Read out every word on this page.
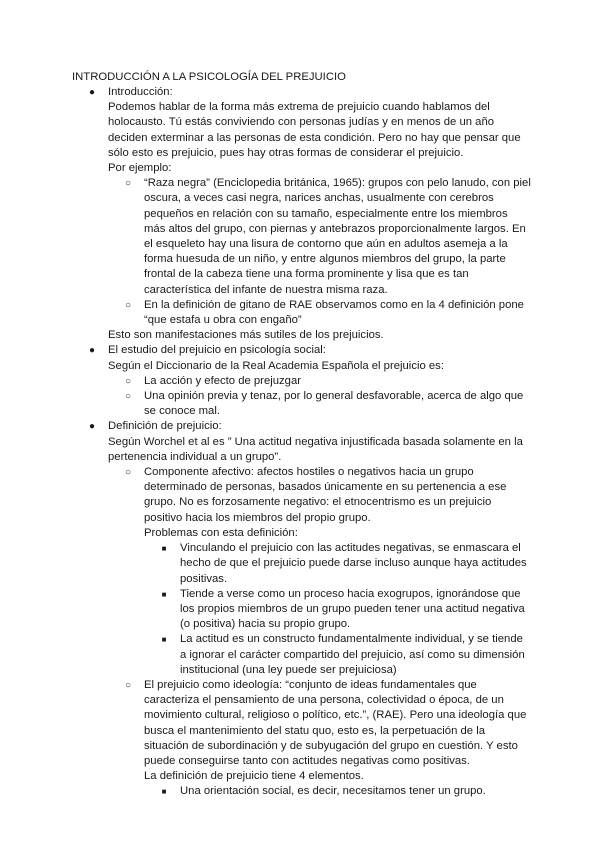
INTRODUCCIÓN A LA PSICOLOGÍA DEL PREJUICIO
●	Introducción:

Podemos hablar de la forma más extrema de prejuicio cuando hablamos del holocausto. Tú estás conviviendo con personas judías y en menos de un año deciden exterminar a las personas de esta condición. Pero no hay que pensar que sólo esto es prejuicio, pues hay otras formas de considerar el prejuicio.

Por ejemplo:
○	“Raza negra” (Enciclopedia británica, 1965): grupos con pelo lanudo, con piel oscura, a veces casi negra, narices anchas, usualmente con cerebros pequeños en relación con su tamaño, especialmente entre los miembros más altos del grupo, con piernas y antebrazos proporcionalmente largos. En el esqueleto hay una lisura de contorno que aún en adultos asemeja a la forma huesuda de un niño, y entre algunos miembros del grupo, la parte frontal de la cabeza tiene una forma prominente y lisa que es tan característica del infante de nuestra misma raza.
○	En la definición de gitano de RAE observamos como en la 4 definición pone “que estafa u obra con engaño”
Esto son manifestaciones más sutiles de los prejuicios.
●	El estudio del prejuicio en psicología social:
Según el Diccionario de la Real Academia Española el prejuicio es:
○	La acción y efecto de prejuzgar
○	Una opinión previa y tenaz, por lo general desfavorable, acerca de algo que se conoce mal.
●	Definición de prejuicio:

Según Worchel et al es ” Una actitud negativa injustificada basada solamente en la pertenencia individual a un grupo”.

○	Componente afectivo: afectos hostiles o negativos hacia un grupo determinado de personas, basados únicamente en su pertenencia a ese grupo. No es forzosamente negativo: el etnocentrismo es un prejuicio positivo hacia los miembros del propio grupo.
Problemas con esta definición:
■	Vinculando el prejuicio con las actitudes negativas, se enmascara el hecho de que el prejuicio puede darse incluso aunque haya actitudes positivas.
■	Tiende a verse como un proceso hacia exogrupos, ignorándose que los propios miembros de un grupo pueden tener una actitud negativa (o positiva) hacia su propio grupo.
■	La actitud es un constructo fundamentalmente individual, y se tiende a ignorar el carácter compartido del prejuicio, así como su dimensión institucional (una ley puede ser prejuiciosa)
○	El prejuicio como ideología: “conjunto de ideas fundamentales que caracteriza el pensamiento de una persona, colectividad o época, de un movimiento cultural, religioso o político, etc.”, (RAE). Pero una ideología que busca el mantenimiento del statu quo, esto es, la perpetuación de la situación de subordinación y de subyugación del grupo en cuestión. Y esto puede conseguirse tanto con actitudes negativas como positivas.
La definición de prejuicio tiene 4 elementos.
■	Una orientación social, es decir, necesitamos tener un grupo.
